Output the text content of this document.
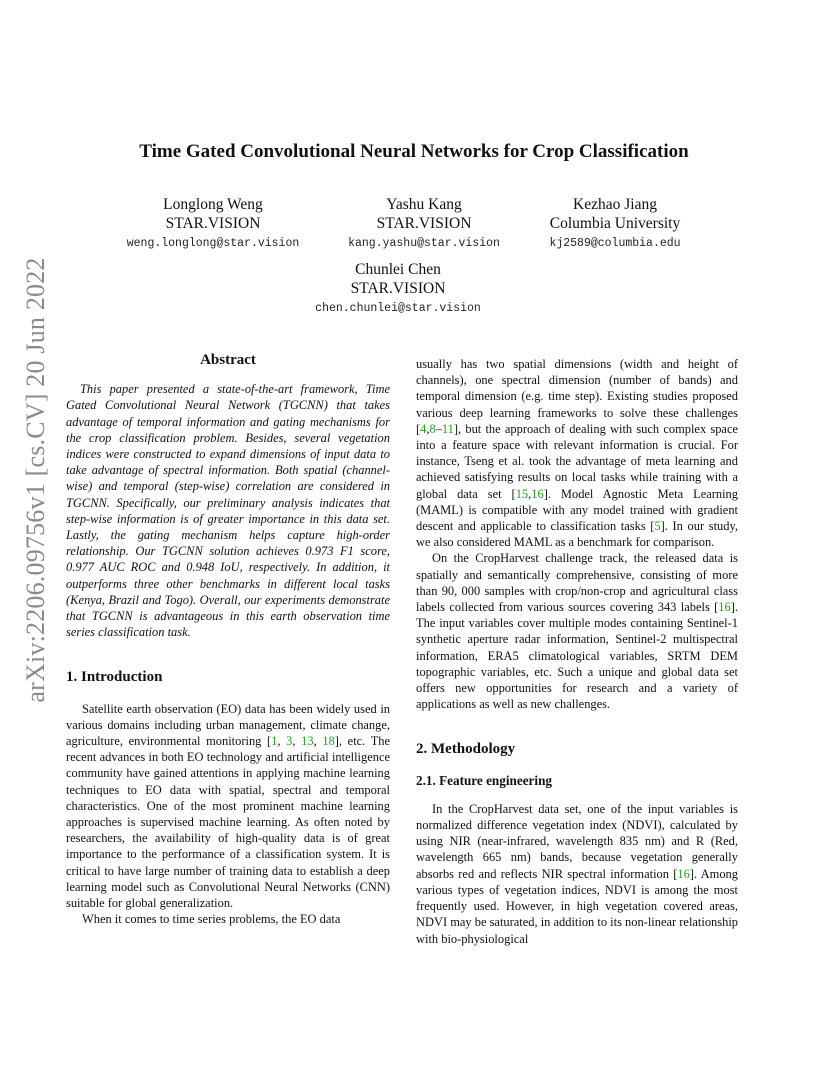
arXiv:2206.09756v1 [cs.CV] 20 Jun 2022
Time Gated Convolutional Neural Networks for Crop Classification
Longlong Weng
STAR.VISION
weng.longlong@star.vision
Yashu Kang
STAR.VISION
kang.yashu@star.vision
Kezhao Jiang
Columbia University
kj2589@columbia.edu
Chunlei Chen
STAR.VISION
chen.chunlei@star.vision
Abstract

This paper presented a state-of-the-art framework, Time Gated Convolutional Neural Network (TGCNN) that takes advantage of temporal information and gating mechanisms for the crop classification problem. Besides, several vegetation indices were constructed to expand dimensions of input data to take advantage of spectral information. Both spatial (channel-wise) and temporal (step-wise) correlation are considered in TGCNN. Specifically, our preliminary analysis indicates that step-wise information is of greater importance in this data set. Lastly, the gating mechanism helps capture high-order relationship. Our TGCNN solution achieves 0.973 F1 score, 0.977 AUC ROC and 0.948 IoU, respectively. In addition, it outperforms three other benchmarks in different local tasks (Kenya, Brazil and Togo). Overall, our experiments demonstrate that TGCNN is advantageous in this earth observation time series classification task.

1. Introduction

Satellite earth observation (EO) data has been widely used in various domains including urban management, climate change, agriculture, environmental monitoring [1, 3, 13, 18], etc. The recent advances in both EO technology and artificial intelligence community have gained attentions in applying machine learning techniques to EO data with spatial, spectral and temporal characteristics. One of the most prominent machine learning approaches is supervised machine learning. As often noted by researchers, the availability of high-quality data is of great importance to the performance of a classification system. It is critical to have large number of training data to establish a deep learning model such as Convolutional Neural Networks (CNN) suitable for global generalization.

When it comes to time series problems, the EO data

usually has two spatial dimensions (width and height of channels), one spectral dimension (number of bands) and temporal dimension (e.g. time step). Existing studies proposed various deep learning frameworks to solve these challenges [4,8–11], but the approach of dealing with such complex space into a feature space with relevant information is crucial. For instance, Tseng et al. took the advantage of meta learning and achieved satisfying results on local tasks while training with a global data set [15,16]. Model Agnostic Meta Learning (MAML) is compatible with any model trained with gradient descent and applicable to classification tasks [5]. In our study, we also considered MAML as a benchmark for comparison.

On the CropHarvest challenge track, the released data is spatially and semantically comprehensive, consisting of more than 90, 000 samples with crop/non-crop and agricultural class labels collected from various sources covering 343 labels [16]. The input variables cover multiple modes containing Sentinel-1 synthetic aperture radar information, Sentinel-2 multispectral information, ERA5 climatological variables, SRTM DEM topographic variables, etc. Such a unique and global data set offers new opportunities for research and a variety of applications as well as new challenges.

2. Methodology
2.1. Feature engineering

In the CropHarvest data set, one of the input variables is normalized difference vegetation index (NDVI), calculated by using NIR (near-infrared, wavelength 835 nm) and R (Red, wavelength 665 nm) bands, because vegetation generally absorbs red and reflects NIR spectral information [16]. Among various types of vegetation indices, NDVI is among the most frequently used. However, in high vegetation covered areas, NDVI may be saturated, in addition to its non-linear relationship with bio-physiological
